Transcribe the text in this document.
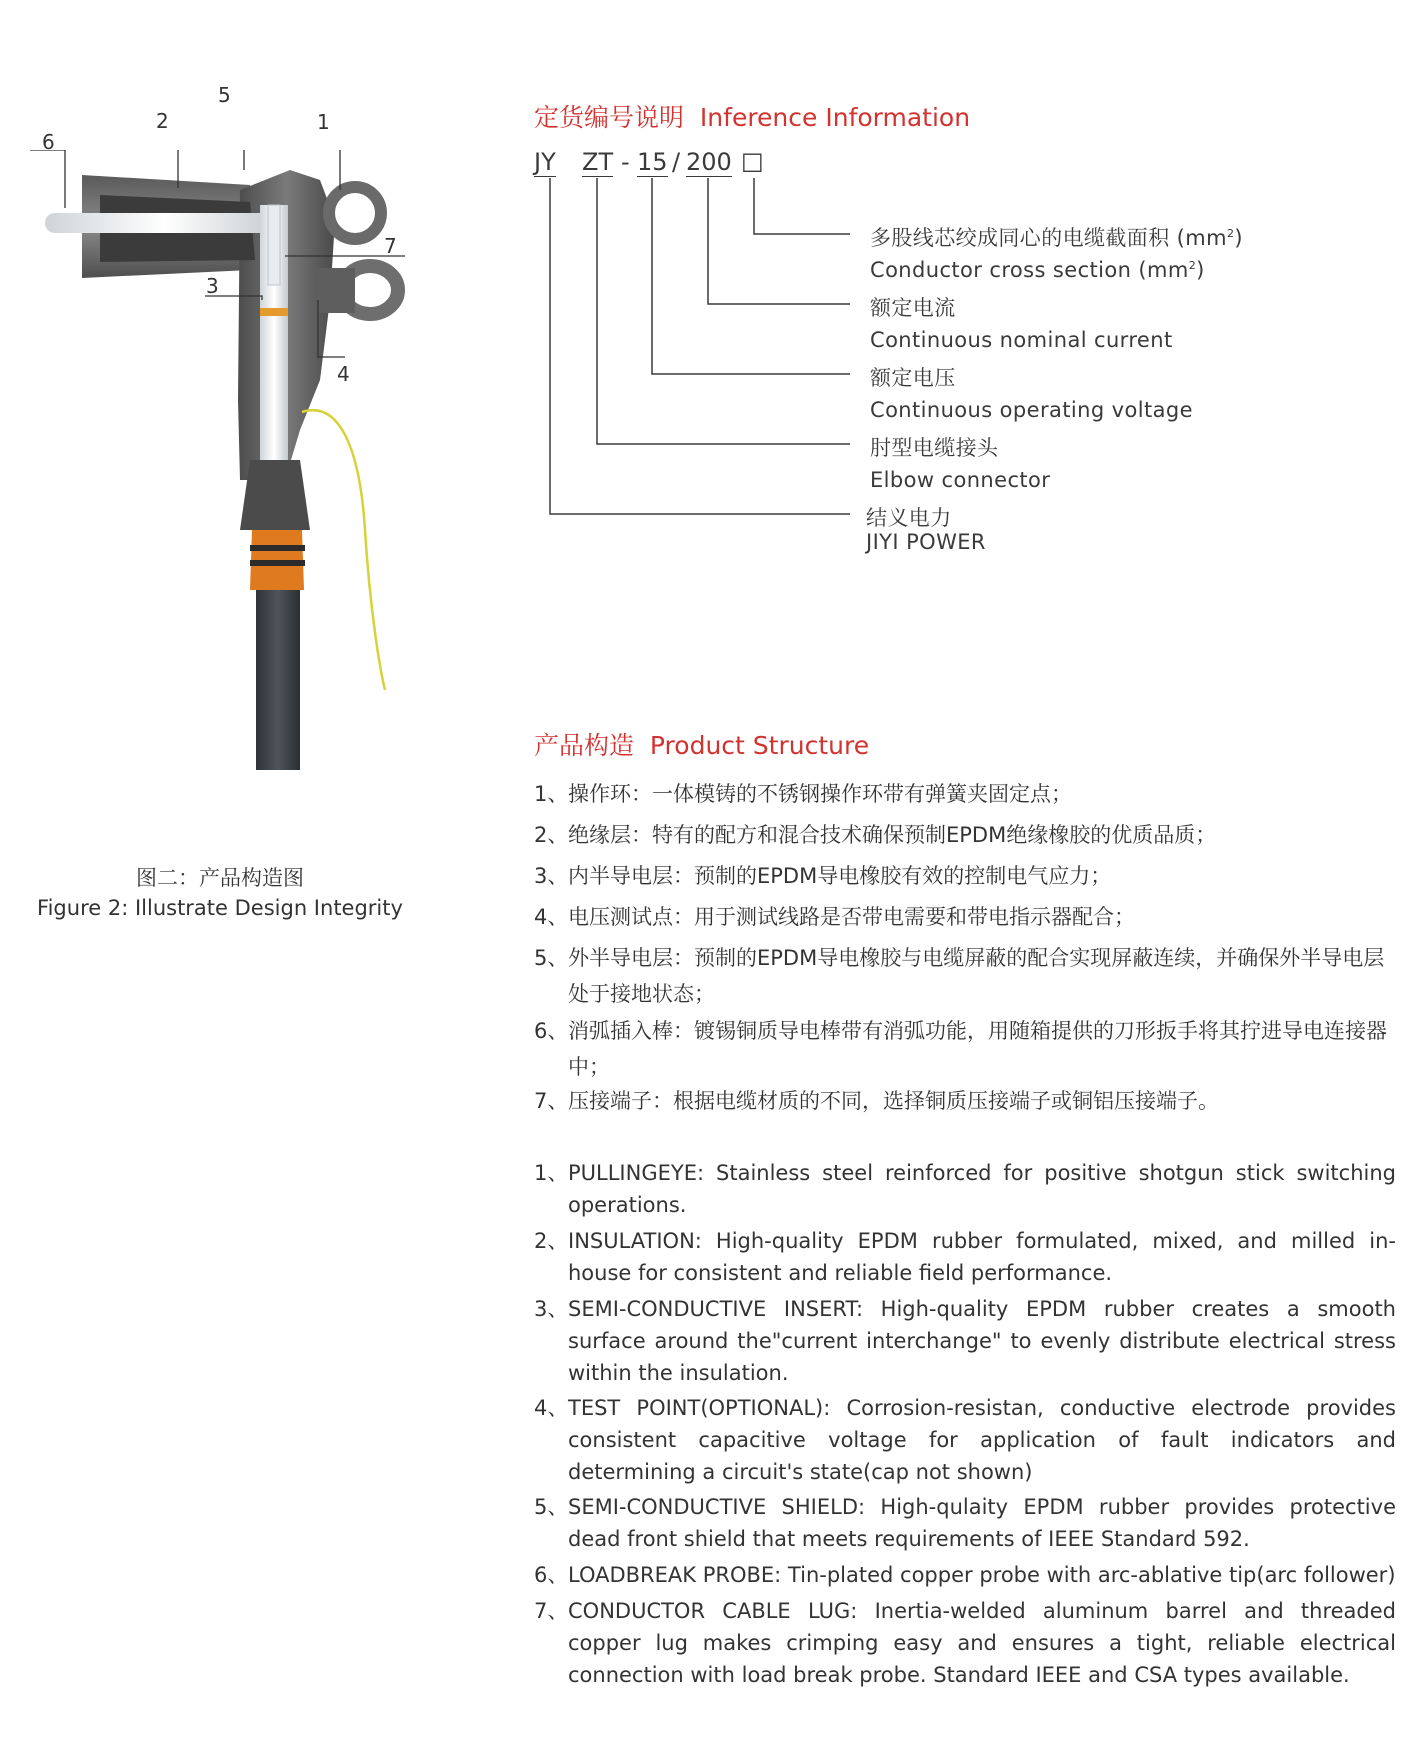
6
2
5
1
7
3
4
图二：产品构造图
Figure 2: Illustrate Design Integrity
定货编号说明 Inference Information
JY ZT - 15 / 200 □
多股线芯绞成同心的电缆截面积 $(mm^2)$
Conductor cross section $(mm^2)$
额定电流
Continuous nominal current
额定电压
Continuous operating voltage
肘型电缆接头
Elbow connector
结义电力
JIYI POWER
产品构造 Product Structure
1、 操作环：一体模铸的不锈钢操作环带有弹簧夹固定点；
2、 绝缘层：特有的配方和混合技术确保预制EPDM绝缘橡胶的优质品质；
3、 内半导电层：预制的EPDM导电橡胶有效的控制电气应力；
4、 电压测试点：用于测试线路是否带电需要和带电指示器配合；
5、 外半导电层：预制的EPDM导电橡胶与电缆屏蔽的配合实现屏蔽连续，并确保外半导电层处于接地状态；
6、 消弧插入棒：镀锡铜质导电棒带有消弧功能，用随箱提供的刀形扳手将其拧进导电连接器中；
7、 压接端子：根据电缆材质的不同，选择铜质压接端子或铜铝压接端子。
1、 PULLINGEYE: Stainless steel reinforced for positive shotgun stick switching operations.
2、 INSULATION: High-quality EPDM rubber formulated, mixed, and milled in-house for consistent and reliable field performance.
3、 SEMI-CONDUCTIVE INSERT: High-quality EPDM rubber creates a smooth surface around the"current interchange" to evenly distribute electrical stress within the insulation.
4、 TEST POINT(OPTIONAL): Corrosion-resistan, conductive electrode provides consistent capacitive voltage for application of fault indicators and determining a circuit's state(cap not shown)
5、 SEMI-CONDUCTIVE SHIELD: High-qulaity EPDM rubber provides protective dead front shield that meets requirements of IEEE Standard 592.
6、 LOADBREAK PROBE: Tin-plated copper probe with arc-ablative tip(arc follower)
7、 CONDUCTOR CABLE LUG: Inertia-welded aluminum barrel and threaded copper lug makes crimping easy and ensures a tight, reliable electrical connection with load break probe. Standard IEEE and CSA types available.
